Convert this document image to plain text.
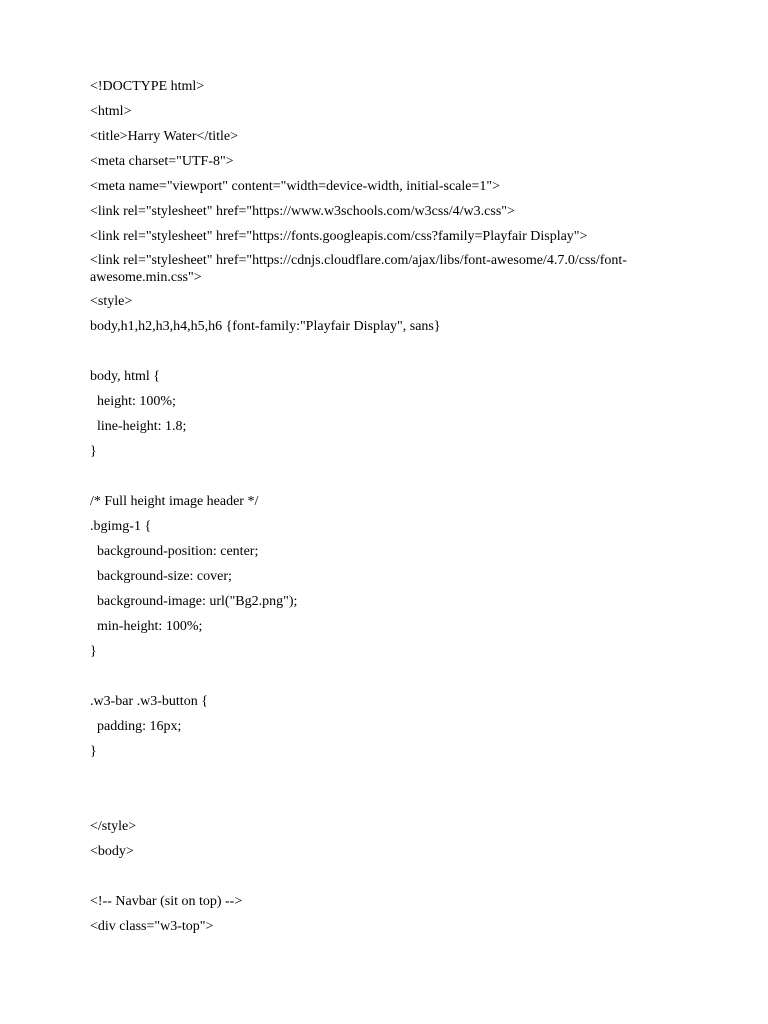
<!DOCTYPE html>
<html>
<title>Harry Water</title>
<meta charset="UTF-8">
<meta name="viewport" content="width=device-width, initial-scale=1">
<link rel="stylesheet" href="https://www.w3schools.com/w3css/4/w3.css">
<link rel="stylesheet" href="https://fonts.googleapis.com/css?family=Playfair Display">
<link rel="stylesheet" href="https://cdnjs.cloudflare.com/ajax/libs/font-awesome/4.7.0/css/font-awesome.min.css">
<style>
body,h1,h2,h3,h4,h5,h6 {font-family:"Playfair Display", sans}
body, html {
height: 100%;
line-height: 1.8;
}
/* Full height image header */
.bgimg-1 {
background-position: center;
background-size: cover;
background-image: url("Bg2.png");
min-height: 100%;
}
.w3-bar .w3-button {
padding: 16px;
}
</style>
<body>
<!-- Navbar (sit on top) -->
<div class="w3-top">
